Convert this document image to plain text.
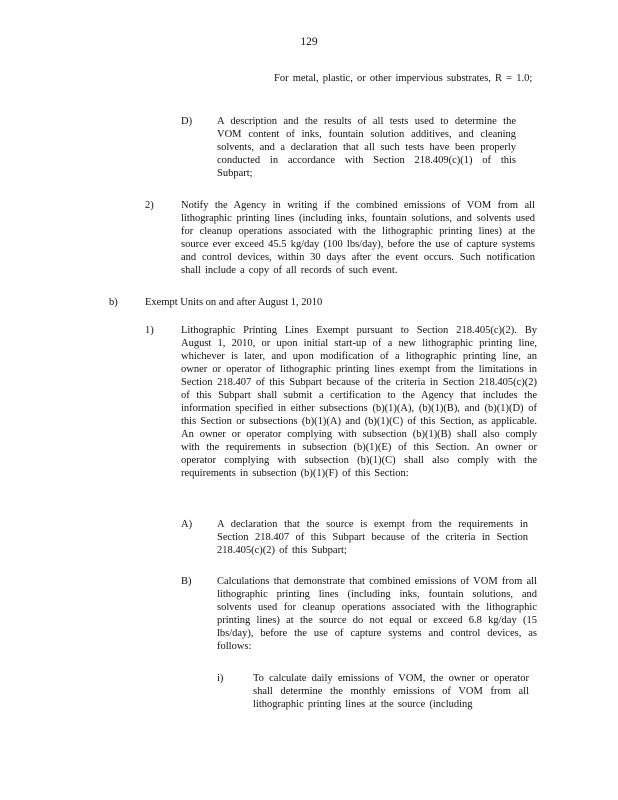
129
For metal, plastic, or other impervious substrates, R = 1.0;
D) A description and the results of all tests used to determine the VOM content of inks, fountain solution additives, and cleaning solvents, and a declaration that all such tests have been properly conducted in accordance with Section 218.409(c)(1) of this Subpart;
2)	Notify the Agency in writing if the combined emissions of VOM from all lithographic printing lines (including inks, fountain solutions, and solvents used for cleanup operations associated with the lithographic printing lines) at the source ever exceed 45.5 kg/day (100 lbs/day), before the use of capture systems and control devices, within 30 days after the event occurs. Such notification shall include a copy of all records of such event.
b)	Exempt Units on and after August 1, 2010
1)	Lithographic Printing Lines Exempt pursuant to Section 218.405(c)(2). By August 1, 2010, or upon initial start-up of a new lithographic printing line, whichever is later, and upon modification of a lithographic printing line, an owner or operator of lithographic printing lines exempt from the limitations in Section 218.407 of this Subpart because of the criteria in Section 218.405(c)(2) of this Subpart shall submit a certification to the Agency that includes the information specified in either subsections (b)(1)(A), (b)(1)(B), and (b)(1)(D) of this Section or subsections (b)(1)(A) and (b)(1)(C) of this Section, as applicable. An owner or operator complying with subsection (b)(1)(B) shall also comply with the requirements in subsection (b)(1)(E) of this Section. An owner or operator complying with subsection (b)(1)(C) shall also comply with the requirements in subsection (b)(1)(F) of this Section:
A) A declaration that the source is exempt from the requirements in Section 218.407 of this Subpart because of the criteria in Section 218.405(c)(2) of this Subpart;
B) Calculations that demonstrate that combined emissions of VOM from all lithographic printing lines (including inks, fountain solutions, and solvents used for cleanup operations associated with the lithographic printing lines) at the source do not equal or exceed 6.8 kg/day (15 lbs/day), before the use of capture systems and control devices, as follows:
i)	To calculate daily emissions of VOM, the owner or operator shall determine the monthly emissions of VOM from all lithographic printing lines at the source (including
